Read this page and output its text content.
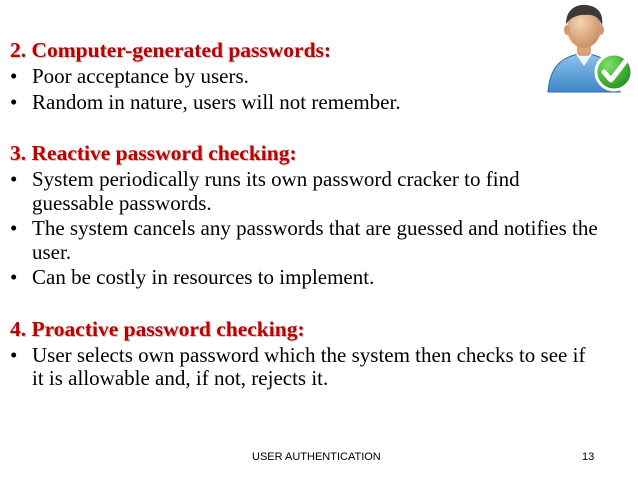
2. Computer-generated passwords:
• Poor acceptance by users.
• Random in nature, users will not remember.
3. Reactive password checking:
• System periodically runs its own password cracker to find guessable passwords.
• The system cancels any passwords that are guessed and notifies the user.
• Can be costly in resources to implement.
4. Proactive password checking:
• User selects own password which the system then checks to see if it is allowable and, if not, rejects it.
USER AUTHENTICATION	13
